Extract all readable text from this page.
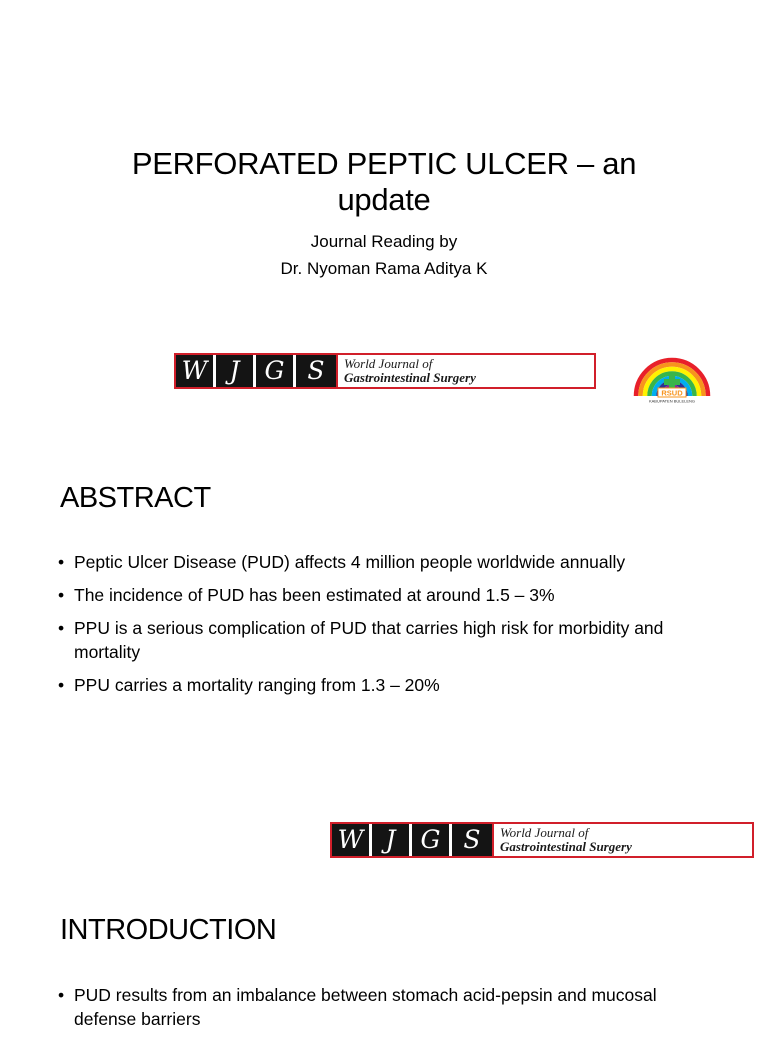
PERFORATED PEPTIC ULCER – an update
Journal Reading by
Dr. Nyoman Rama Aditya K
W J G S	World Journal of
Gastrointestinal Surgery
RSUD
KABUPATEN BULELENG
ABSTRACT
• Peptic Ulcer Disease (PUD) affects 4 million people worldwide annually
• The incidence of PUD has been estimated at around 1.5 – 3%
• PPU is a serious complication of PUD that carries high risk for morbidity and mortality
• PPU carries a mortality ranging from 1.3 – 20%
W J G S	World Journal of
Gastrointestinal Surgery
INTRODUCTION
• PUD results from an imbalance between stomach acid-pepsin and mucosal defense barriers
